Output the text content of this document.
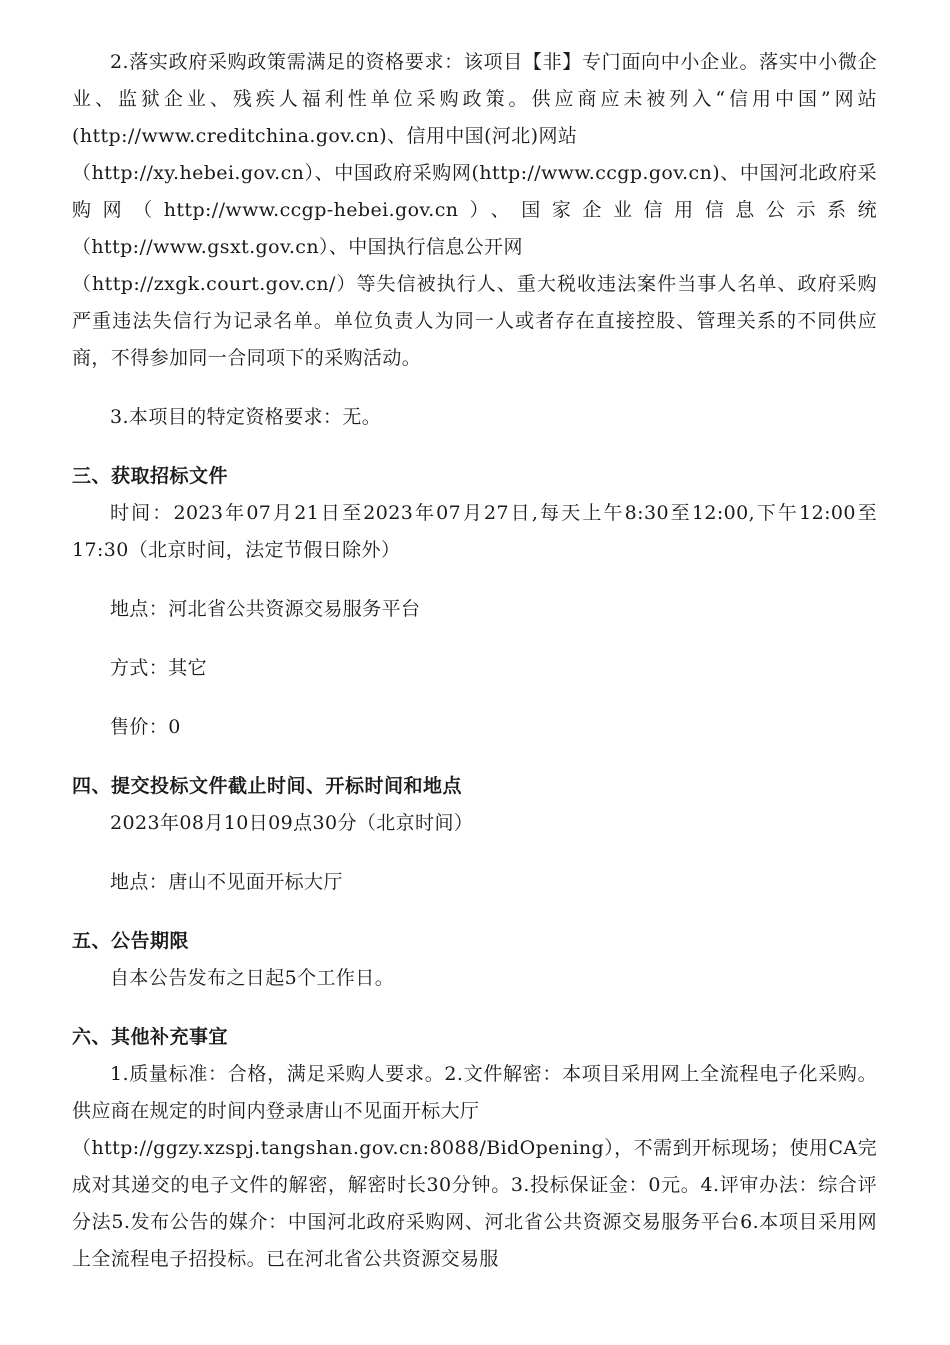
2.落实政府采购政策需满足的资格要求：该项目【非】专门面向中小企业。落实中小微企业、监狱企业、残疾人福利性单位采购政策。供应商应未被列入“信用中国”网站(http://www.creditchina.gov.cn)、信用中国(河北)网站
（http://xy.hebei.gov.cn）、中国政府采购网(http://www.ccgp.gov.cn)、中国河北政府采购网（http://www.ccgp-hebei.gov.cn）、国家企业信用信息公示系统（http://www.gsxt.gov.cn）、中国执行信息公开网
（http://zxgk.court.gov.cn/）等失信被执行人、重大税收违法案件当事人名单、政府采购严重违法失信行为记录名单。单位负责人为同一人或者存在直接控股、管理关系的不同供应商，不得参加同一合同项下的采购活动。

3.本项目的特定资格要求：无。

三、获取招标文件

时间：2023年07月21日至2023年07月27日,每天上午8:30至12:00,下午12:00至17:30（北京时间，法定节假日除外）

地点：河北省公共资源交易服务平台

方式：其它

售价：0

四、提交投标文件截止时间、开标时间和地点

2023年08月10日09点30分（北京时间）

地点：唐山不见面开标大厅

五、公告期限

自本公告发布之日起5个工作日。

六、其他补充事宜

1.质量标准：合格，满足采购人要求。2.文件解密：本项目采用网上全流程电子化采购。供应商在规定的时间内登录唐山不见面开标大厅
（http://ggzy.xzspj.tangshan.gov.cn:8088/BidOpening），不需到开标现场；使用CA完成对其递交的电子文件的解密，解密时长30分钟。3.投标保证金：0元。4.评审办法：综合评分法5.发布公告的媒介：中国河北政府采购网、河北省公共资源交易服务平台6.本项目采用网上全流程电子招投标。已在河北省公共资源交易服
